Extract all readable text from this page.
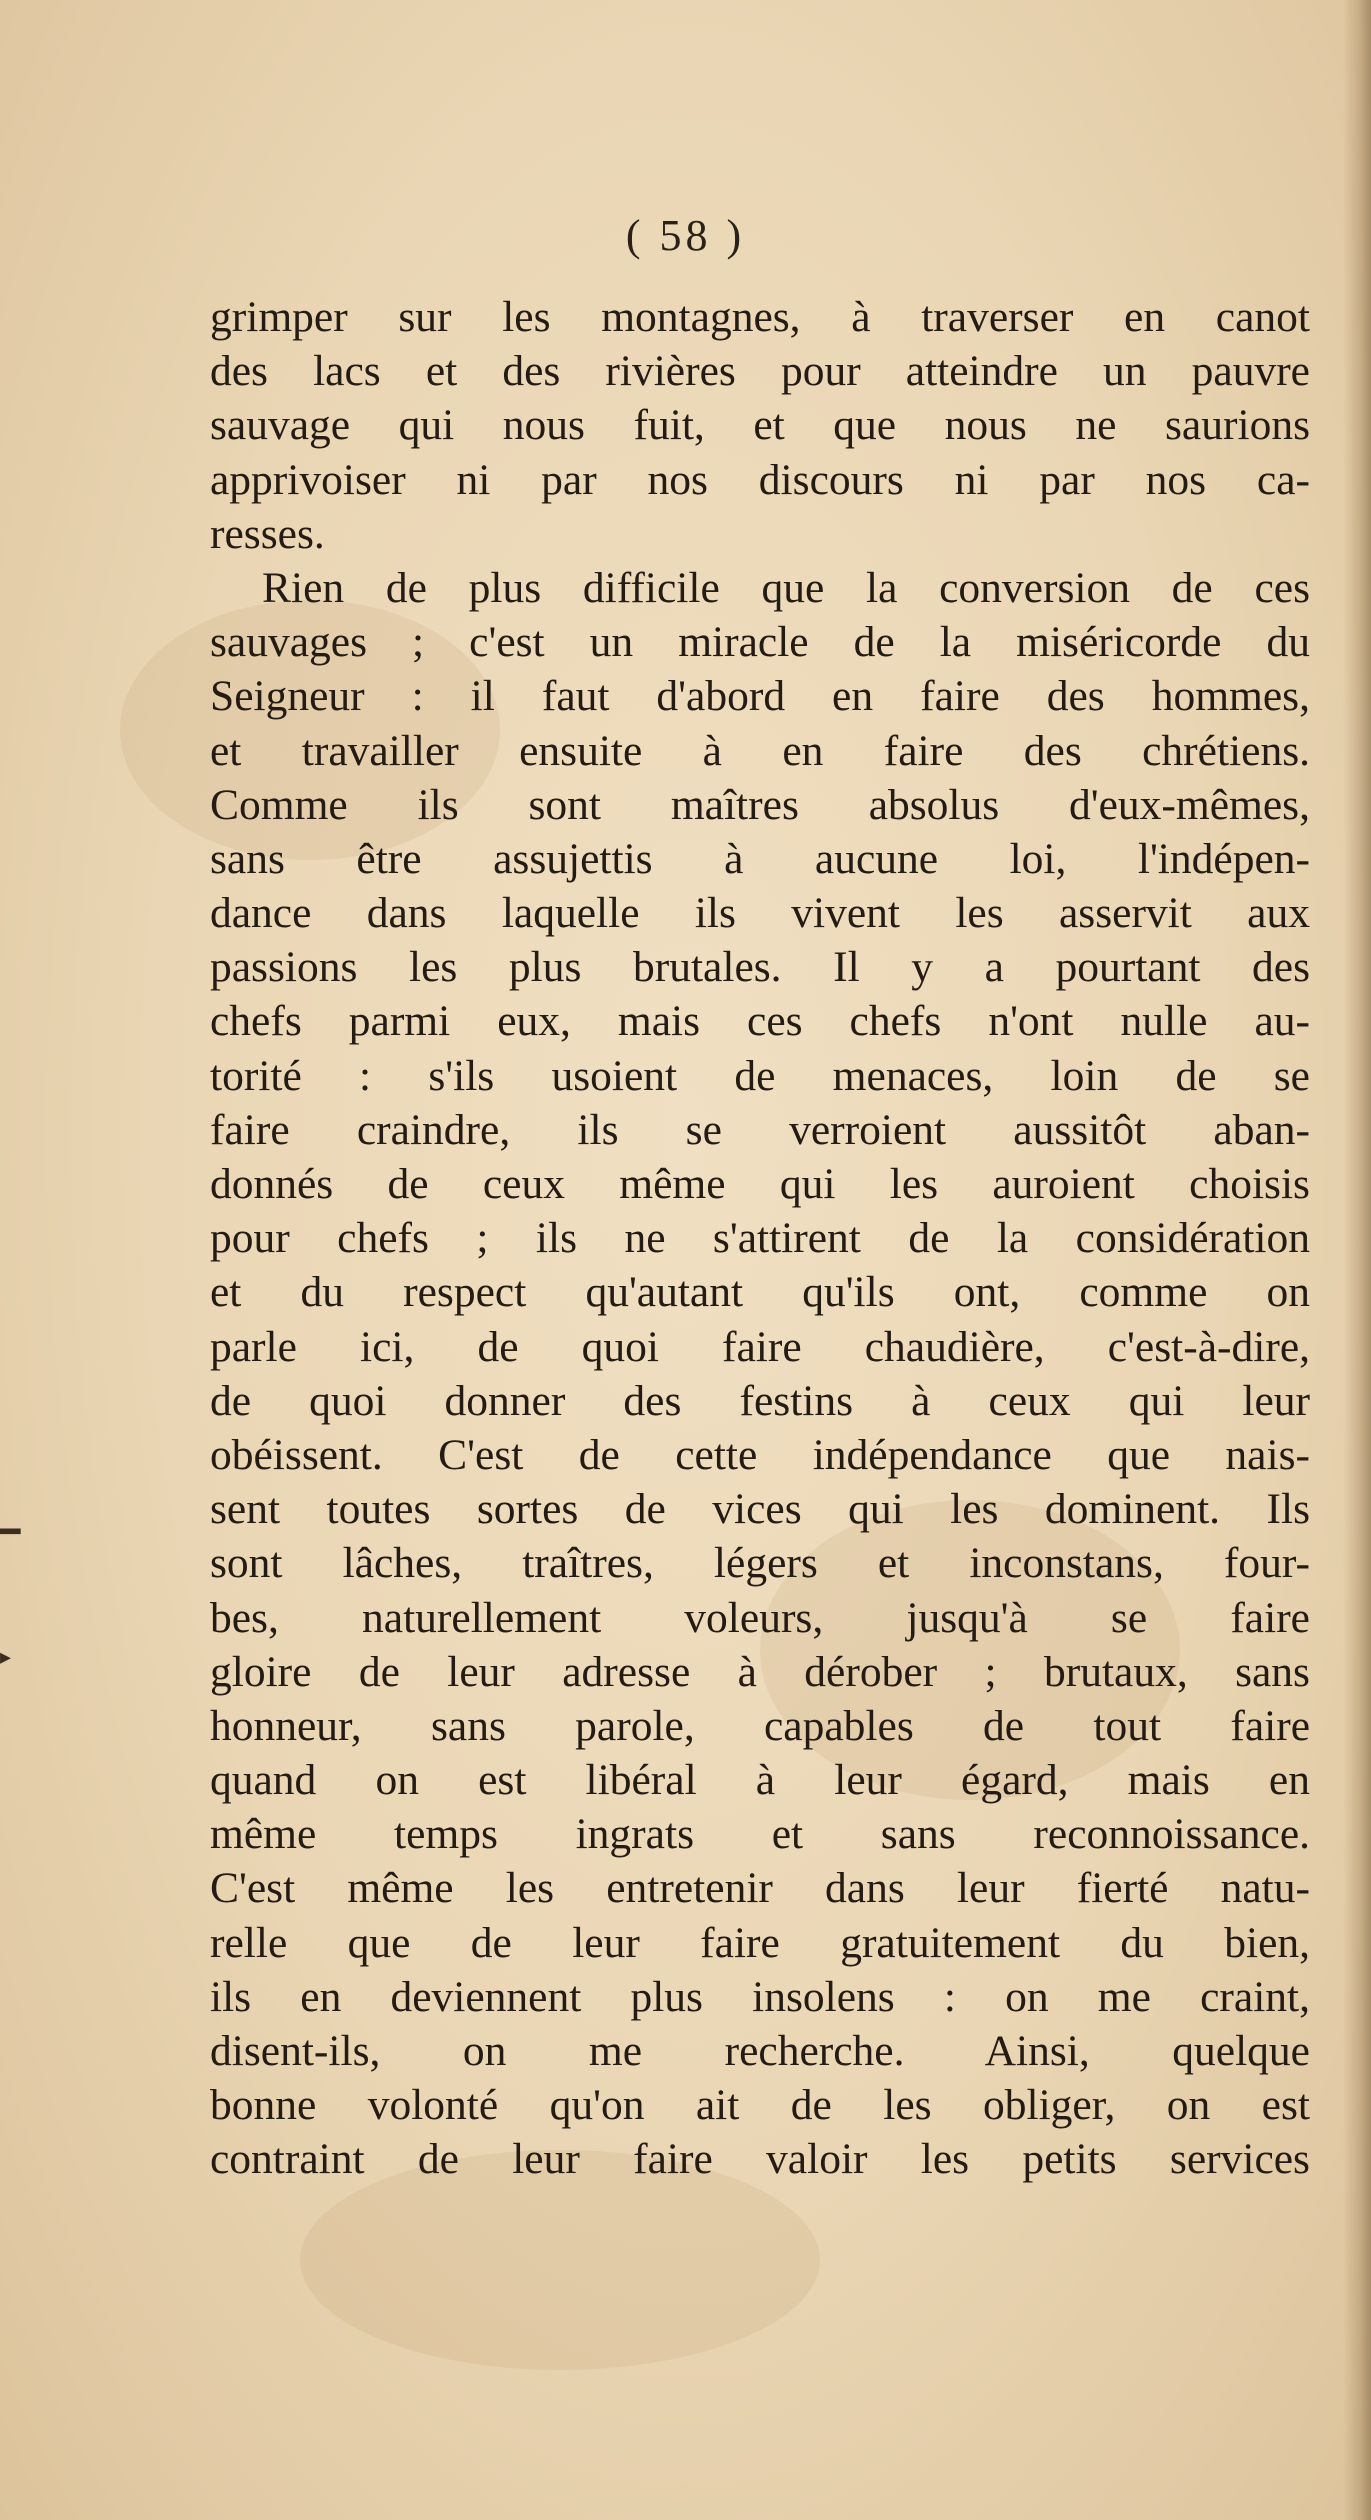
━
▸
( 58 )
grimper sur les montagnes, à traverser en canot
des lacs et des rivières pour atteindre un pauvre
sauvage qui nous fuit, et que nous ne saurions
apprivoiser ni par nos discours ni par nos ca-
resses.
Rien de plus difficile que la conversion de ces
sauvages ; c'est un miracle de la miséricorde du
Seigneur : il faut d'abord en faire des hommes,
et travailler ensuite à en faire des chrétiens.
Comme ils sont maîtres absolus d'eux-mêmes,
sans être assujettis à aucune loi, l'indépen-
dance dans laquelle ils vivent les asservit aux
passions les plus brutales. Il y a pourtant des
chefs parmi eux, mais ces chefs n'ont nulle au-
torité : s'ils usoient de menaces, loin de se
faire craindre, ils se verroient aussitôt aban-
donnés de ceux même qui les auroient choisis
pour chefs ; ils ne s'attirent de la considération
et du respect qu'autant qu'ils ont, comme on
parle ici, de quoi faire chaudière, c'est-à-dire,
de quoi donner des festins à ceux qui leur
obéissent. C'est de cette indépendance que nais-
sent toutes sortes de vices qui les dominent. Ils
sont lâches, traîtres, légers et inconstans, four-
bes, naturellement voleurs, jusqu'à se faire
gloire de leur adresse à dérober ; brutaux, sans
honneur, sans parole, capables de tout faire
quand on est libéral à leur égard, mais en
même temps ingrats et sans reconnoissance.
C'est même les entretenir dans leur fierté natu-
relle que de leur faire gratuitement du bien,
ils en deviennent plus insolens : on me craint,
disent-ils, on me recherche. Ainsi, quelque
bonne volonté qu'on ait de les obliger, on est
contraint de leur faire valoir les petits services
